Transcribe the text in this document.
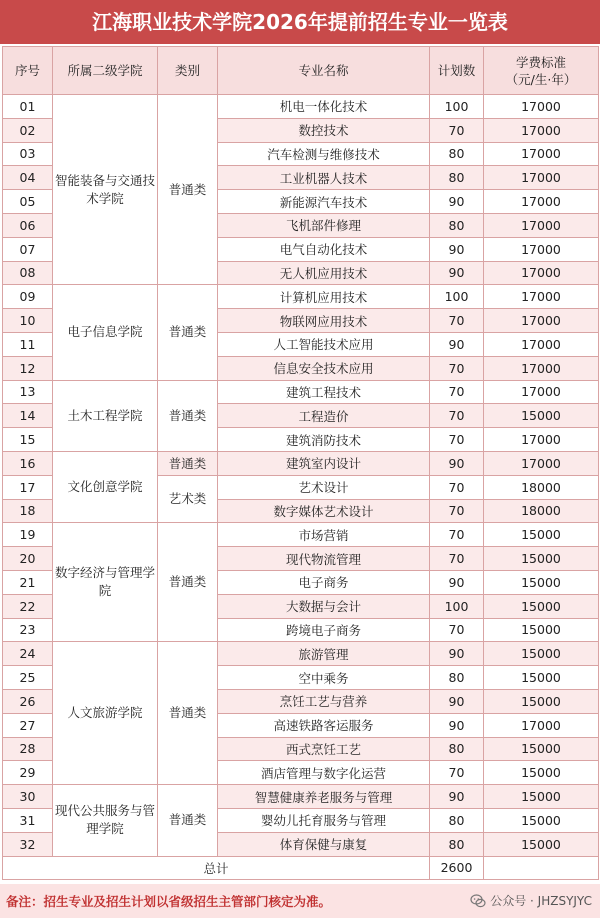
江海职业技术学院2026年提前招生专业一览表
序号	所属二级学院	类别	专业名称	计划数	学费标准
（元/生·年）

01	智能装备与交通技术学院	普通类	机电一体化技术	100	17000
02			数控技术	70	17000
03			汽车检测与维修技术	80	17000
04			工业机器人技术	80	17000
05			新能源汽车技术	90	17000
06			飞机部件修理	80	17000
07			电气自动化技术	90	17000
08			无人机应用技术	90	17000
09	电子信息学院	普通类	计算机应用技术	100	17000
10			物联网应用技术	70	17000
11			人工智能技术应用	90	17000
12			信息安全技术应用	70	17000
13	土木工程学院	普通类	建筑工程技术	70	17000
14			工程造价	70	15000
15			建筑消防技术	70	17000
16	文化创意学院	普通类	建筑室内设计	90	17000
17		艺术类	艺术设计	70	18000
18			数字媒体艺术设计	70	18000
19	数字经济与管理学院	普通类	市场营销	70	15000
20			现代物流管理	70	15000
21			电子商务	90	15000
22			大数据与会计	100	15000
23			跨境电子商务	70	15000
24	人文旅游学院	普通类	旅游管理	90	15000
25			空中乘务	80	15000
26			烹饪工艺与营养	90	15000
27			高速铁路客运服务	90	17000
28			西式烹饪工艺	80	15000
29			酒店管理与数字化运营	70	15000
30	现代公共服务与管理学院	普通类	智慧健康养老服务与管理	90	15000
31			婴幼儿托育服务与管理	80	15000
32			体育保健与康复	80	15000
总计				2600	
备注：招生专业及招生计划以省级招生主管部门核定为准。	公众号 · JHZSYJYC
